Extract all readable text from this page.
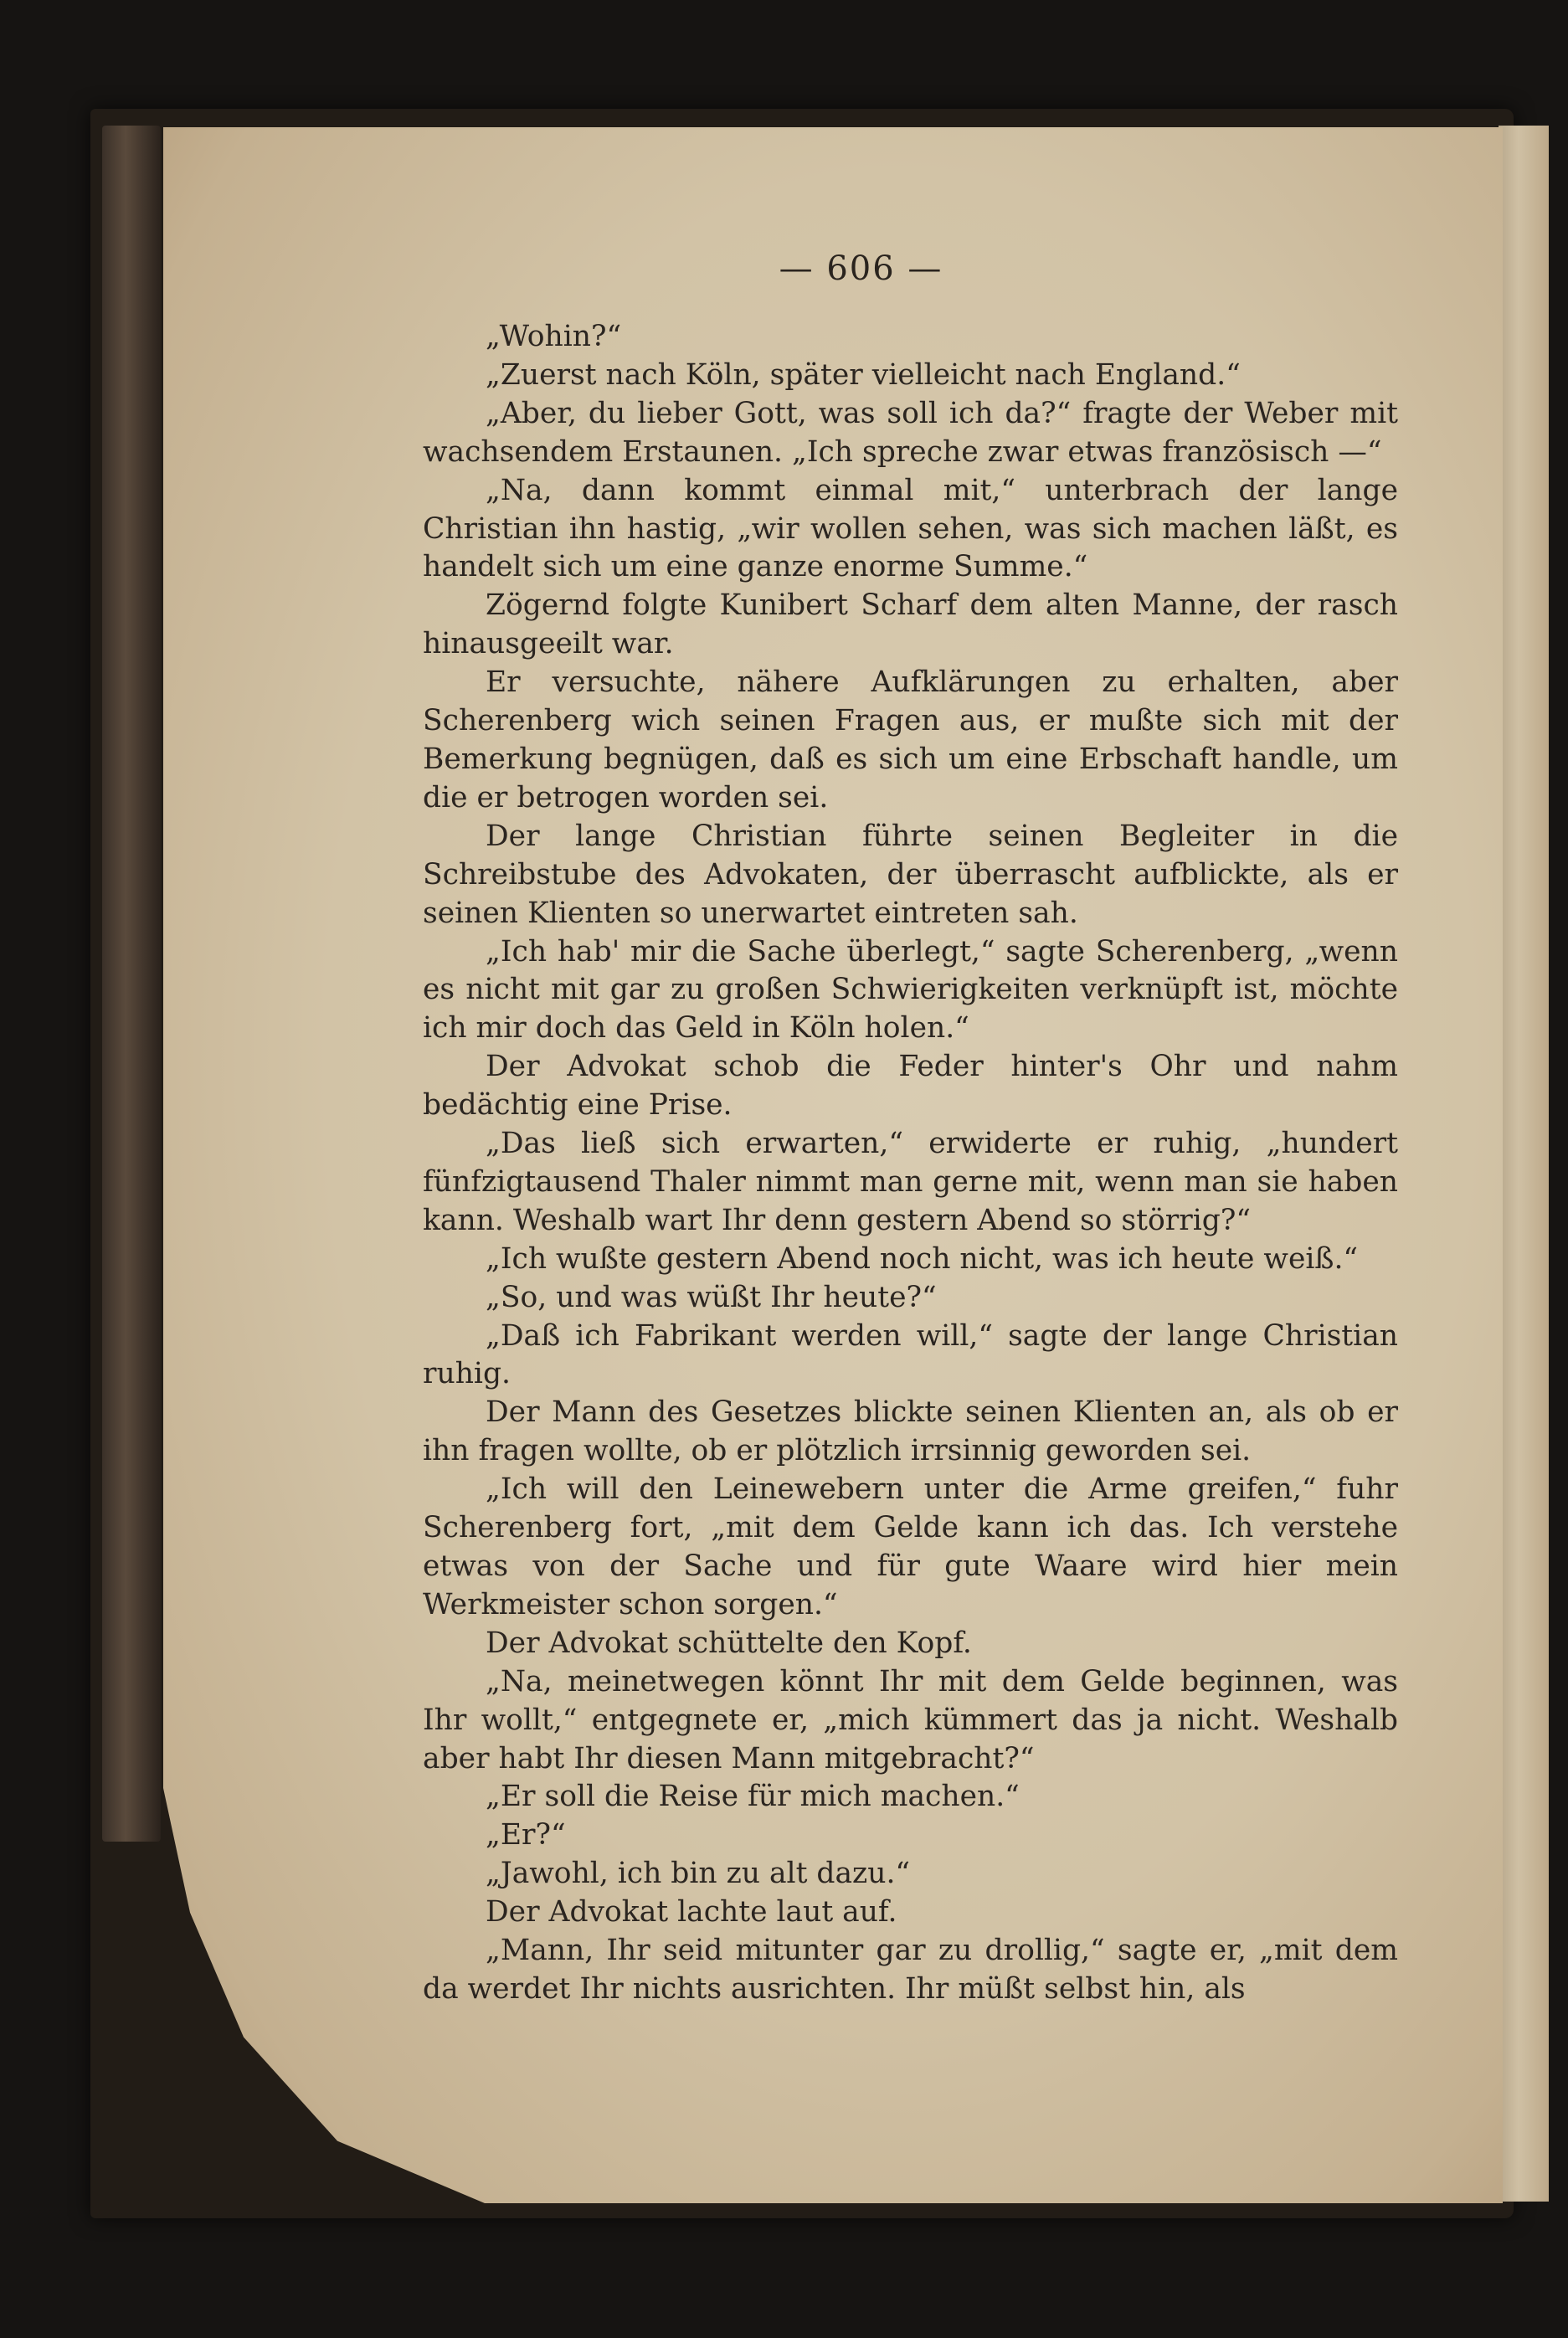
— 606 —

„Wohin?“

„Zuerst nach Köln, später vielleicht nach England.“

„Aber, du lieber Gott, was soll ich da?“ fragte der Weber mit wachsendem Erstaunen. „Ich spreche zwar etwas französisch —“

„Na, dann kommt einmal mit,“ unterbrach der lange Christian ihn hastig, „wir wollen sehen, was sich machen läßt, es handelt sich um eine ganze enorme Summe.“

Zögernd folgte Kunibert Scharf dem alten Manne, der rasch hinausgeeilt war.

Er versuchte, nähere Aufklärungen zu erhalten, aber Scherenberg wich seinen Fragen aus, er mußte sich mit der Bemerkung begnügen, daß es sich um eine Erbschaft handle, um die er betrogen worden sei.

Der lange Christian führte seinen Begleiter in die Schreibstube des Advokaten, der überrascht aufblickte, als er seinen Klienten so unerwartet eintreten sah.

„Ich hab' mir die Sache überlegt,“ sagte Scherenberg, „wenn es nicht mit gar zu großen Schwierigkeiten verknüpft ist, möchte ich mir doch das Geld in Köln holen.“

Der Advokat schob die Feder hinter's Ohr und nahm bedächtig eine Prise.

„Das ließ sich erwarten,“ erwiderte er ruhig, „hundert fünfzigtausend Thaler nimmt man gerne mit, wenn man sie haben kann. Weshalb wart Ihr denn gestern Abend so störrig?“

„Ich wußte gestern Abend noch nicht, was ich heute weiß.“

„So, und was wüßt Ihr heute?“

„Daß ich Fabrikant werden will,“ sagte der lange Christian ruhig.

Der Mann des Gesetzes blickte seinen Klienten an, als ob er ihn fragen wollte, ob er plötzlich irrsinnig geworden sei.

„Ich will den Leinewebern unter die Arme greifen,“ fuhr Scherenberg fort, „mit dem Gelde kann ich das. Ich verstehe etwas von der Sache und für gute Waare wird hier mein Werkmeister schon sorgen.“

Der Advokat schüttelte den Kopf.

„Na, meinetwegen könnt Ihr mit dem Gelde beginnen, was Ihr wollt,“ entgegnete er, „mich kümmert das ja nicht. Weshalb aber habt Ihr diesen Mann mitgebracht?“

„Er soll die Reise für mich machen.“

„Er?“

„Jawohl, ich bin zu alt dazu.“

Der Advokat lachte laut auf.

„Mann, Ihr seid mitunter gar zu drollig,“ sagte er, „mit dem da werdet Ihr nichts ausrichten. Ihr müßt selbst hin, als
